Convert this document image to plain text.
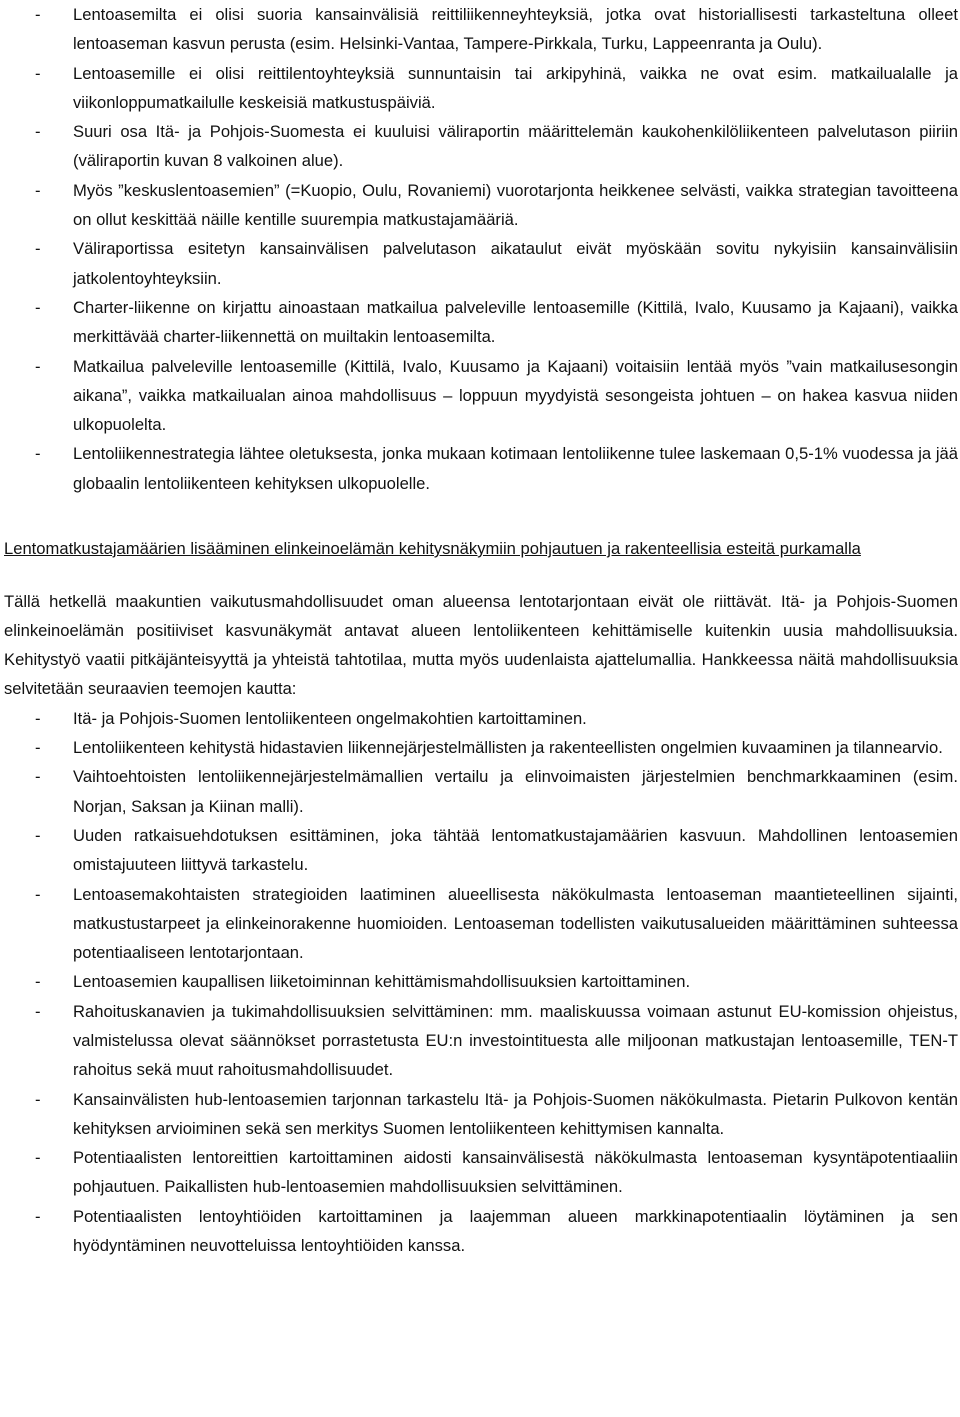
- Lentoasemilta ei olisi suoria kansainvälisiä reittiliikenneyhteyksiä, jotka ovat historiallisesti tarkasteltuna olleet lentoaseman kasvun perusta (esim. Helsinki-Vantaa, Tampere-Pirkkala, Turku, Lappeenranta ja Oulu).
- Lentoasemille ei olisi reittilentoyhteyksiä sunnuntaisin tai arkipyhinä, vaikka ne ovat esim. matkailualalle ja viikonloppumatkailulle keskeisiä matkustuspäiviä.
- Suuri osa Itä- ja Pohjois-Suomesta ei kuuluisi väliraportin määrittelemän kaukohenkilöliikenteen palvelutason piiriin (väliraportin kuvan 8 valkoinen alue).
- Myös ”keskuslentoasemien” (=Kuopio, Oulu, Rovaniemi) vuorotarjonta heikkenee selvästi, vaikka strategian tavoitteena on ollut keskittää näille kentille suurempia matkustajamääriä.
- Väliraportissa esitetyn kansainvälisen palvelutason aikataulut eivät myöskään sovitu nykyisiin kansainvälisiin jatkolentoyhteyksiin.
- Charter-liikenne on kirjattu ainoastaan matkailua palveleville lentoasemille (Kittilä, Ivalo, Kuusamo ja Kajaani), vaikka merkittävää charter-liikennettä on muiltakin lentoasemilta.
- Matkailua palveleville lentoasemille (Kittilä, Ivalo, Kuusamo ja Kajaani) voitaisiin lentää myös ”vain matkailusesongin aikana”, vaikka matkailualan ainoa mahdollisuus – loppuun myydyistä sesongeista johtuen – on hakea kasvua niiden ulkopuolelta.
- Lentoliikennestrategia lähtee oletuksesta, jonka mukaan kotimaan lentoliikenne tulee laskemaan 0,5-1% vuodessa ja jää globaalin lentoliikenteen kehityksen ulkopuolelle.
Lentomatkustajamäärien lisääminen elinkeinoelämän kehitysnäkymiin pohjautuen ja rakenteellisia esteitä purkamalla
Tällä hetkellä maakuntien vaikutusmahdollisuudet oman alueensa lentotarjontaan eivät ole riittävät. Itä- ja Pohjois-Suomen elinkeinoelämän positiiviset kasvunäkymät antavat alueen lentoliikenteen kehittämiselle kuitenkin uusia mahdollisuuksia. Kehitystyö vaatii pitkäjänteisyyttä ja yhteistä tahtotilaa, mutta myös uudenlaista ajattelumallia. Hankkeessa näitä mahdollisuuksia selvitetään seuraavien teemojen kautta:
- Itä- ja Pohjois-Suomen lentoliikenteen ongelmakohtien kartoittaminen.
- Lentoliikenteen kehitystä hidastavien liikennejärjestelmällisten ja rakenteellisten ongelmien kuvaaminen ja tilannearvio.
- Vaihtoehtoisten lentoliikennejärjestelmämallien vertailu ja elinvoimaisten järjestelmien benchmarkkaaminen (esim. Norjan, Saksan ja Kiinan malli).
- Uuden ratkaisuehdotuksen esittäminen, joka tähtää lentomatkustajamäärien kasvuun. Mahdollinen lentoasemien omistajuuteen liittyvä tarkastelu.
- Lentoasemakohtaisten strategioiden laatiminen alueellisesta näkökulmasta lentoaseman maantieteellinen sijainti, matkustustarpeet ja elinkeinorakenne huomioiden. Lentoaseman todellisten vaikutusalueiden määrittäminen suhteessa potentiaaliseen lentotarjontaan.
- Lentoasemien kaupallisen liiketoiminnan kehittämismahdollisuuksien kartoittaminen.
- Rahoituskanavien ja tukimahdollisuuksien selvittäminen: mm. maaliskuussa voimaan astunut EU-komission ohjeistus, valmistelussa olevat säännökset porrastetusta EU:n investointituesta alle miljoonan matkustajan lentoasemille, TEN-T rahoitus sekä muut rahoitusmahdollisuudet.
- Kansainvälisten hub-lentoasemien tarjonnan tarkastelu Itä- ja Pohjois-Suomen näkökulmasta. Pietarin Pulkovon kentän kehityksen arvioiminen sekä sen merkitys Suomen lentoliikenteen kehittymisen kannalta.
- Potentiaalisten lentoreittien kartoittaminen aidosti kansainvälisestä näkökulmasta lentoaseman kysyntäpotentiaaliin pohjautuen. Paikallisten hub-lentoasemien mahdollisuuksien selvittäminen.
- Potentiaalisten lentoyhtiöiden kartoittaminen ja laajemman alueen markkinapotentiaalin löytäminen ja sen hyödyntäminen neuvotteluissa lentoyhtiöiden kanssa.
